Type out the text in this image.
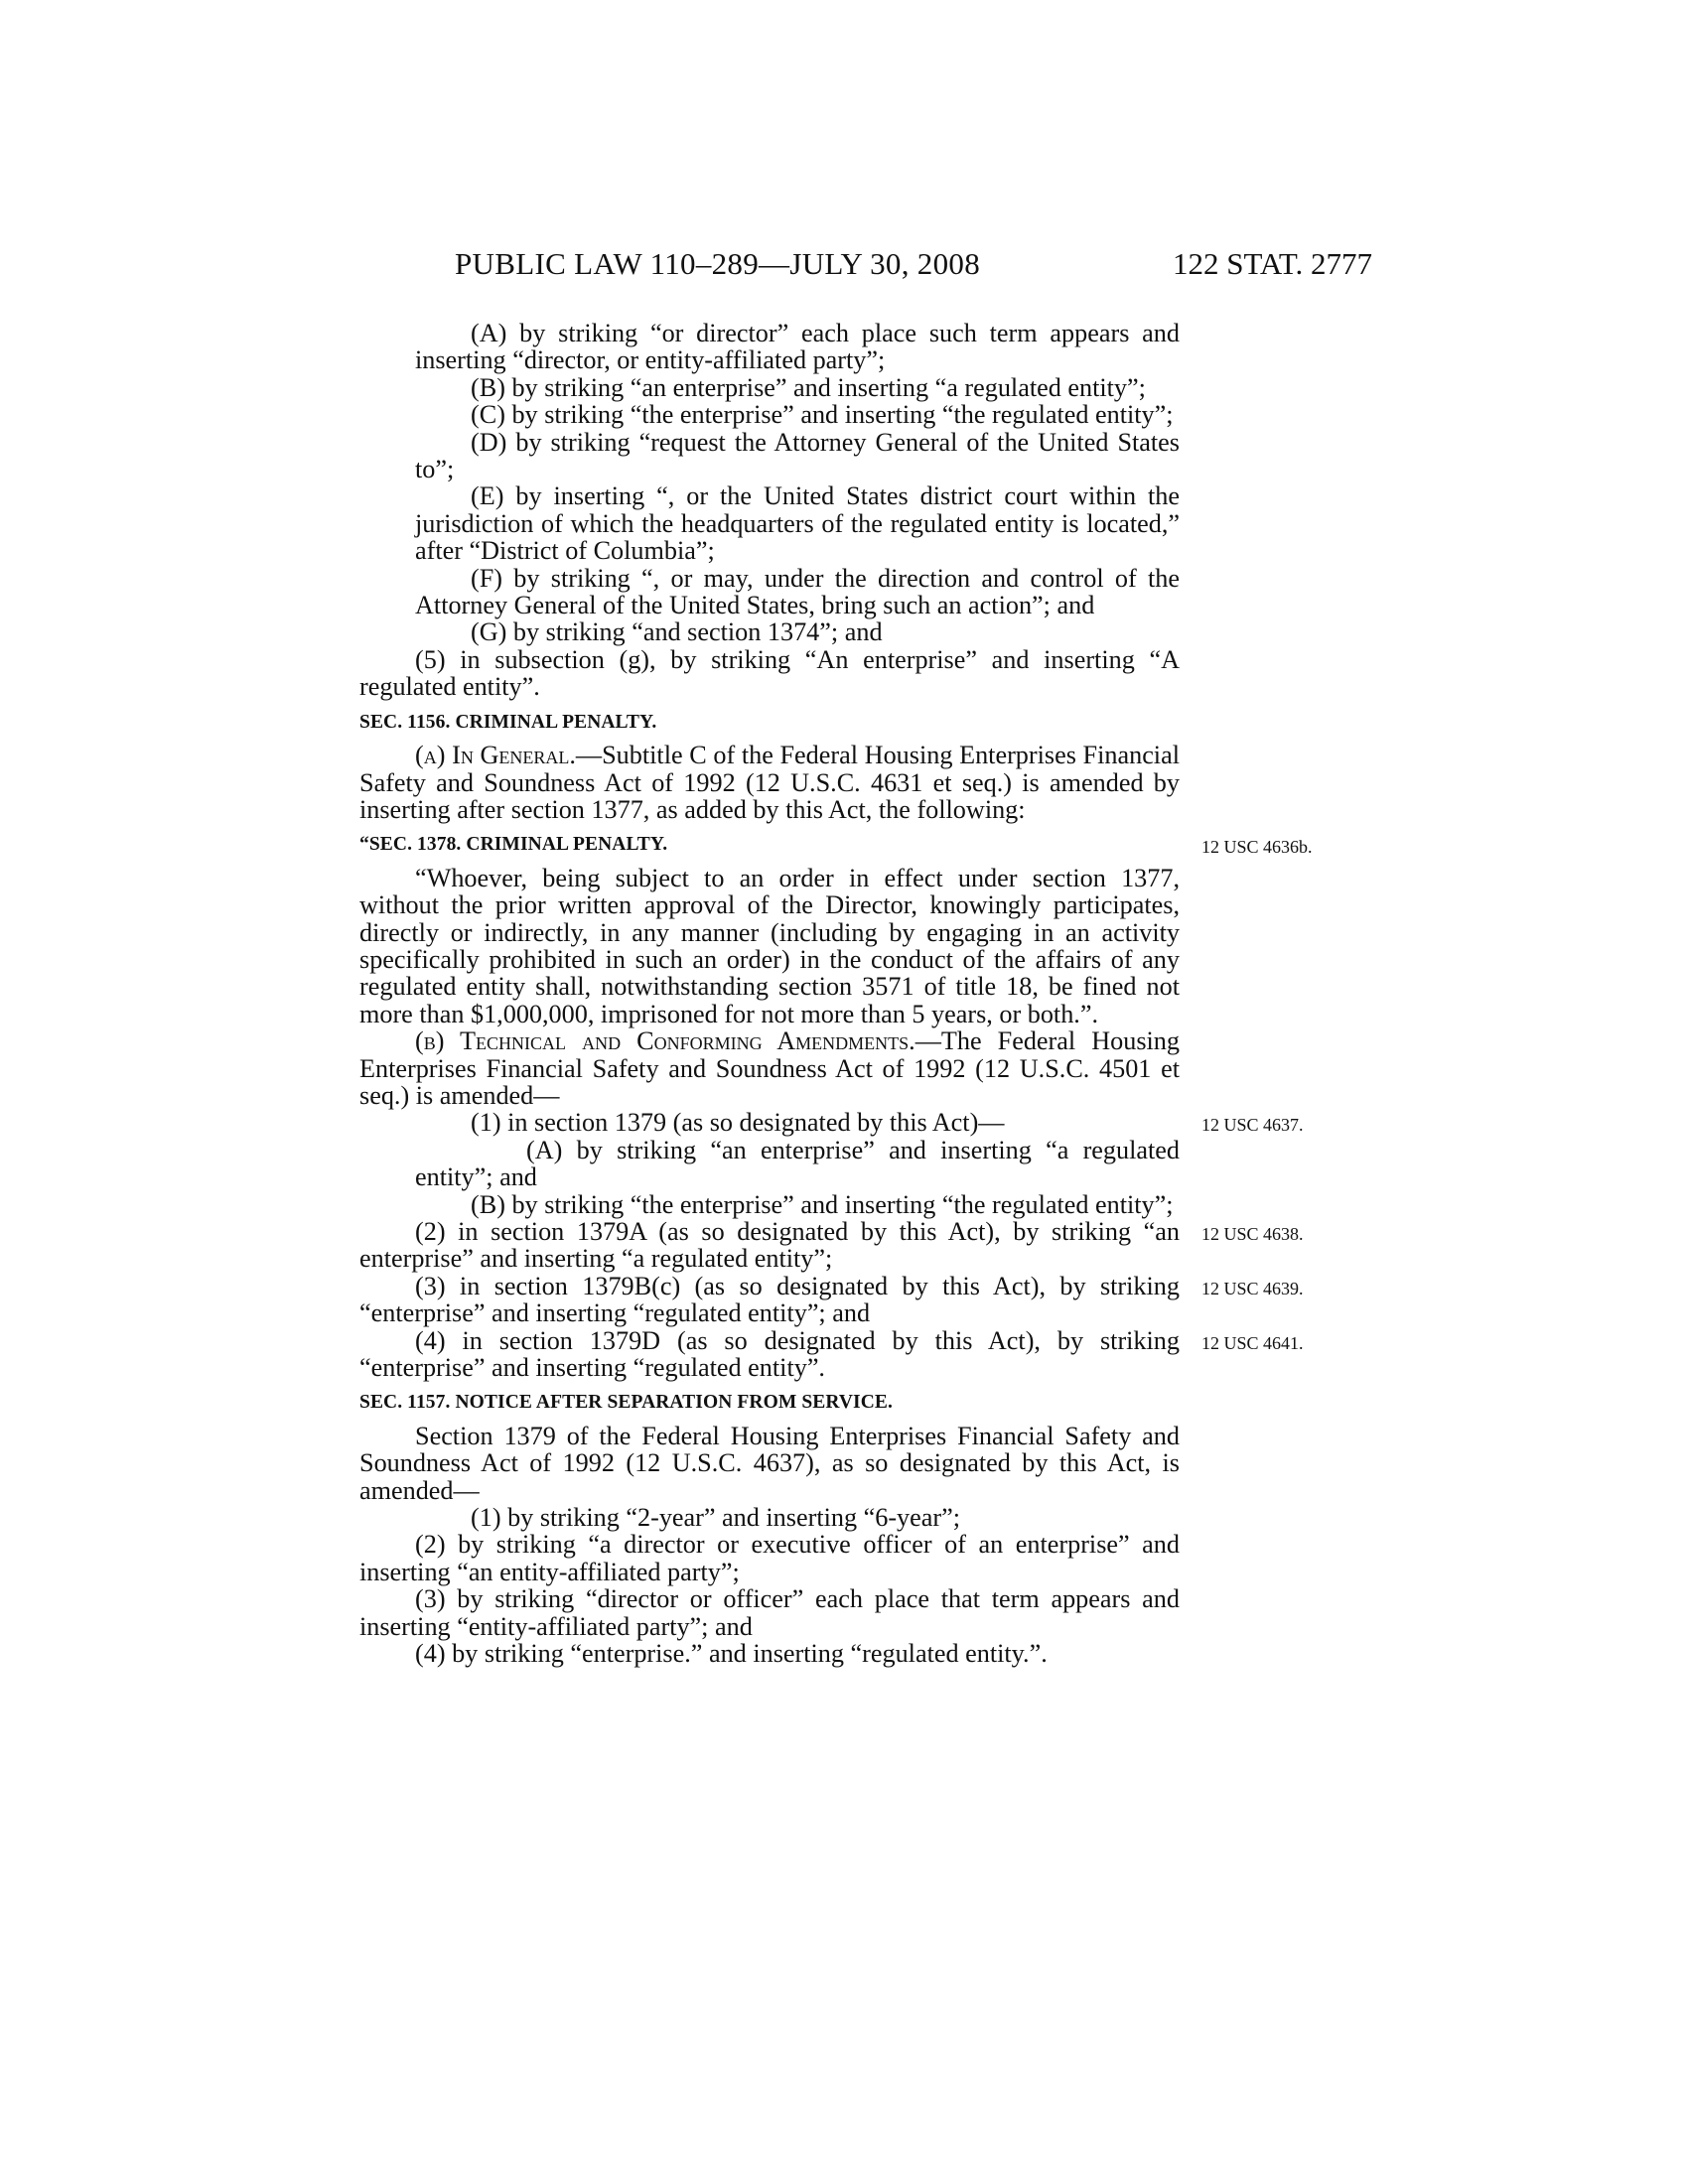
PUBLIC LAW 110–289—JULY 30, 2008	122 STAT. 2777

(A) by striking “or director” each place such term appears and inserting “director, or entity-affiliated party”;

(B) by striking “an enterprise” and inserting “a regulated entity”;

(C) by striking “the enterprise” and inserting “the regulated entity”;

(D) by striking “request the Attorney General of the United States to”;

(E) by inserting “, or the United States district court within the jurisdiction of which the headquarters of the regulated entity is located,” after “District of Columbia”;

(F) by striking “, or may, under the direction and control of the Attorney General of the United States, bring such an action”; and

(G) by striking “and section 1374”; and

(5) in subsection (g), by striking “An enterprise” and inserting “A regulated entity”.

SEC. 1156. CRIMINAL PENALTY.

(a) In General.—Subtitle C of the Federal Housing Enterprises Financial Safety and Soundness Act of 1992 (12 U.S.C. 4631 et seq.) is amended by inserting after section 1377, as added by this Act, the following:

“SEC. 1378. CRIMINAL PENALTY.	12 USC 4636b.

“Whoever, being subject to an order in effect under section 1377, without the prior written approval of the Director, knowingly participates, directly or indirectly, in any manner (including by engaging in an activity specifically prohibited in such an order) in the conduct of the affairs of any regulated entity shall, notwithstanding section 3571 of title 18, be fined not more than $1,000,000, imprisoned for not more than 5 years, or both.”.

(b) Technical and Conforming Amendments.—The Federal Housing Enterprises Financial Safety and Soundness Act of 1992 (12 U.S.C. 4501 et seq.) is amended—

(1) in section 1379 (as so designated by this Act)—	12 USC 4637.

(A) by striking “an enterprise” and inserting “a regulated entity”; and

(B) by striking “the enterprise” and inserting “the regulated entity”;

(2) in section 1379A (as so designated by this Act), by striking “an enterprise” and inserting “a regulated entity”;

12 USC 4638.

(3) in section 1379B(c) (as so designated by this Act), by striking “enterprise” and inserting “regulated entity”; and

12 USC 4639.

(4) in section 1379D (as so designated by this Act), by striking “enterprise” and inserting “regulated entity”.

12 USC 4641.

SEC. 1157. NOTICE AFTER SEPARATION FROM SERVICE.

Section 1379 of the Federal Housing Enterprises Financial Safety and Soundness Act of 1992 (12 U.S.C. 4637), as so designated by this Act, is amended—

(1) by striking “2-year” and inserting “6-year”;

(2) by striking “a director or executive officer of an enterprise” and inserting “an entity-affiliated party”;

(3) by striking “director or officer” each place that term appears and inserting “entity-affiliated party”; and

(4) by striking “enterprise.” and inserting “regulated entity.”.
